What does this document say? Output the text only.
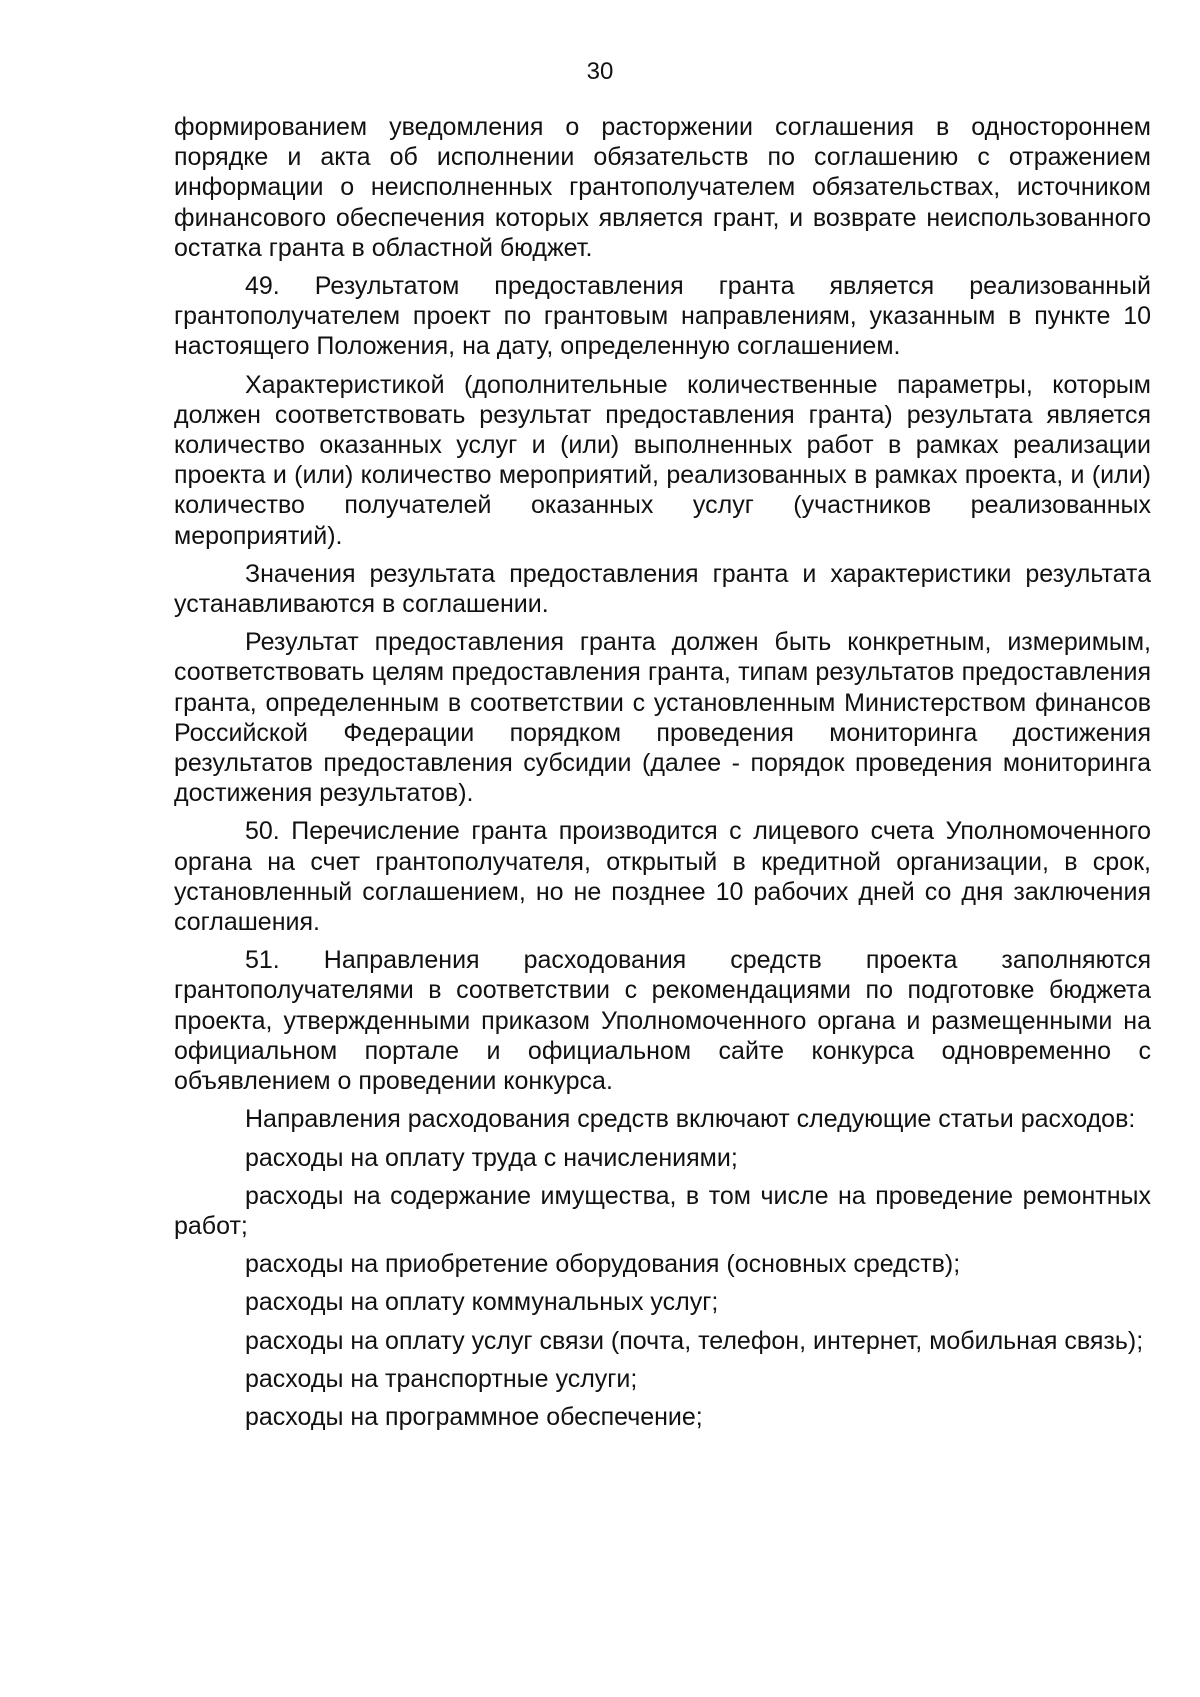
30

формированием уведомления о расторжении соглашения в одностороннем порядке и акта об исполнении обязательств по соглашению с отражением информации о неисполненных грантополучателем обязательствах, источником финансового обеспечения которых является грант, и возврате неиспользованного остатка гранта в областной бюджет.

49. Результатом предоставления гранта является реализованный грантополучателем проект по грантовым направлениям, указанным в пункте 10 настоящего Положения, на дату, определенную соглашением.

Характеристикой (дополнительные количественные параметры, которым должен соответствовать результат предоставления гранта) результата является количество оказанных услуг и (или) выполненных работ в рамках реализации проекта и (или) количество мероприятий, реализованных в рамках проекта, и (или) количество получателей оказанных услуг (участников реализованных мероприятий).

Значения результата предоставления гранта и характеристики результата устанавливаются в соглашении.

Результат предоставления гранта должен быть конкретным, измеримым, соответствовать целям предоставления гранта, типам результатов предоставления гранта, определенным в соответствии с установленным Министерством финансов Российской Федерации порядком проведения мониторинга достижения результатов предоставления субсидии (далее - порядок проведения мониторинга достижения результатов).

50. Перечисление гранта производится с лицевого счета Уполномоченного органа на счет грантополучателя, открытый в кредитной организации, в срок, установленный соглашением, но не позднее 10 рабочих дней со дня заключения соглашения.

51. Направления расходования средств проекта заполняются грантополучателями в соответствии с рекомендациями по подготовке бюджета проекта, утвержденными приказом Уполномоченного органа и размещенными на официальном портале и официальном сайте конкурса одновременно с объявлением о проведении конкурса.

Направления расходования средств включают следующие статьи расходов:

расходы на оплату труда с начислениями;

расходы на содержание имущества, в том числе на проведение ремонтных работ;

расходы на приобретение оборудования (основных средств);

расходы на оплату коммунальных услуг;

расходы на оплату услуг связи (почта, телефон, интернет, мобильная связь);

расходы на транспортные услуги;

расходы на программное обеспечение;
